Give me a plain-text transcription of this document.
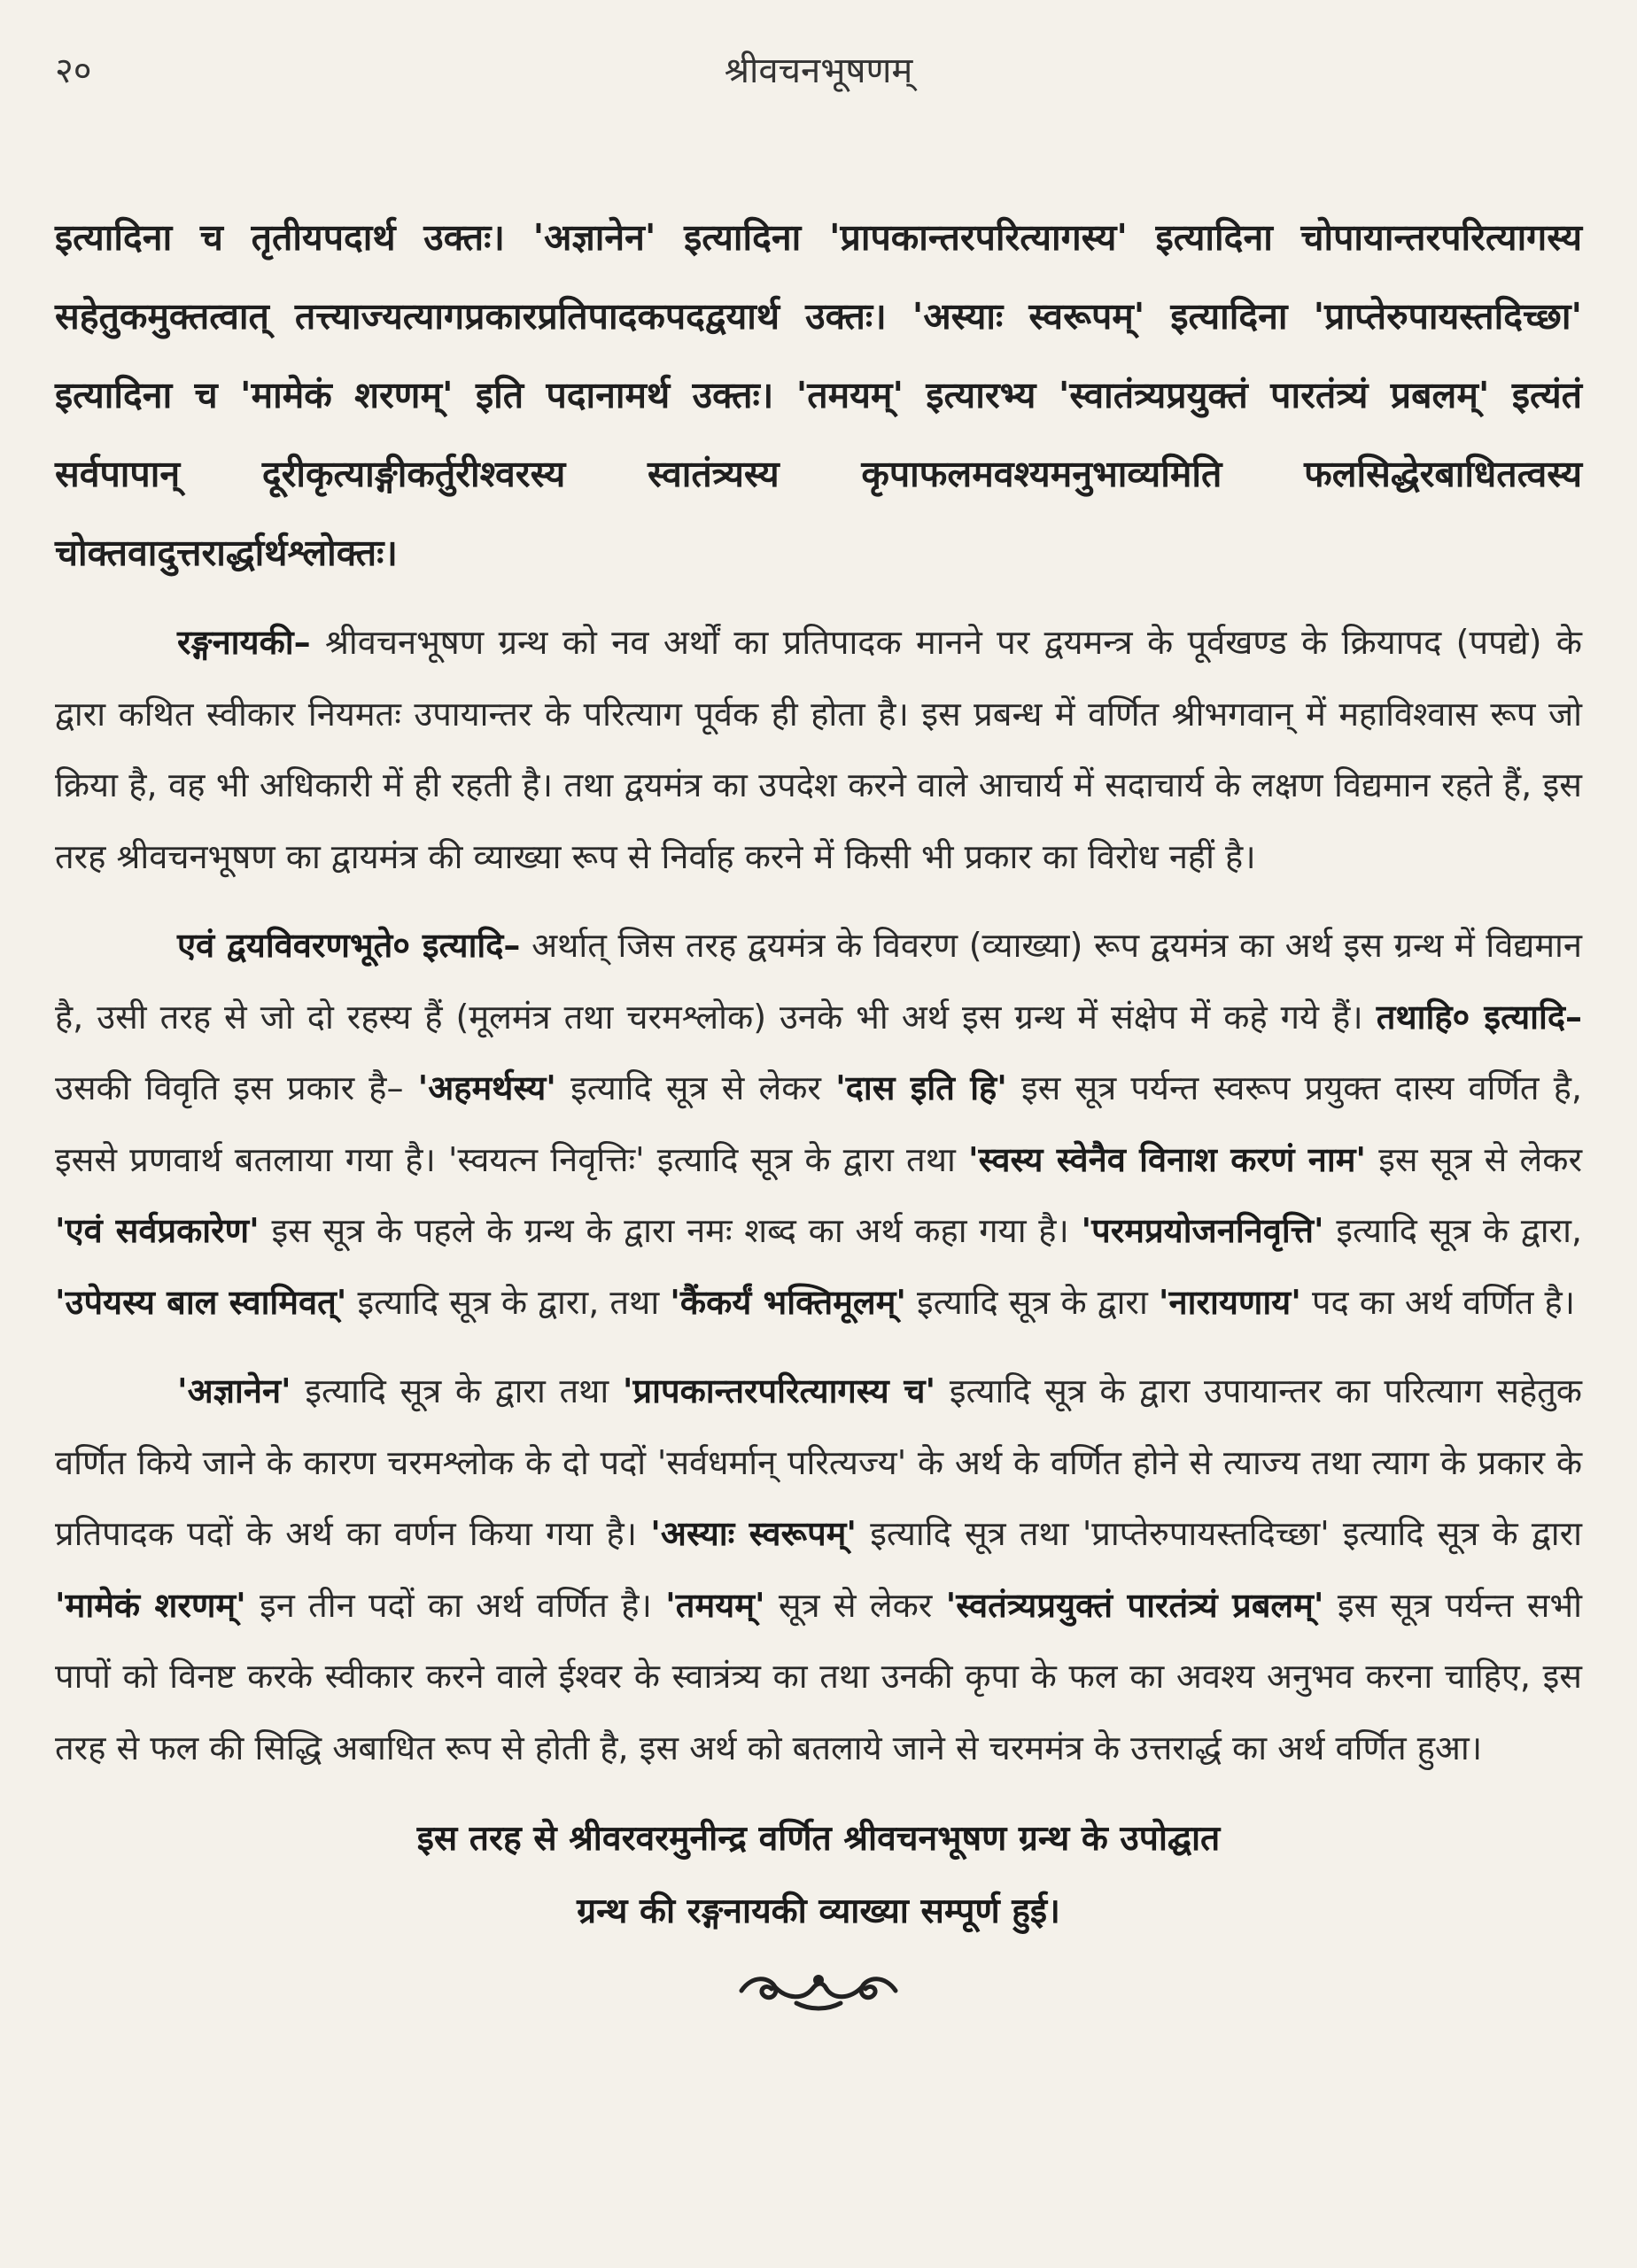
२०	श्रीवचनभूषणम्
इत्यादिना च तृतीयपदार्थ उक्तः। 'अज्ञानेन' इत्यादिना 'प्रापकान्तरपरित्यागस्य' इत्यादिना चोपायान्तरपरित्यागस्य सहेतुकमुक्तत्वात् तत्त्याज्यत्यागप्रकारप्रतिपादकपदद्वयार्थ उक्तः। 'अस्याः स्वरूपम्' इत्यादिना 'प्राप्तेरुपायस्तदिच्छा' इत्यादिना च 'मामेकं शरणम्' इति पदानामर्थ उक्तः। 'तमयम्' इत्यारभ्य 'स्वातंत्र्यप्रयुक्तं पारतंत्र्यं प्रबलम्' इत्यंतं सर्वपापान् दूरीकृत्याङ्गीकर्तुरीश्वरस्य स्वातंत्र्यस्य कृपाफलमवश्यमनुभाव्यमिति फलसिद्धेरबाधितत्वस्य चोक्तवादुत्तरार्द्धार्थश्लोक्तः।

रङ्गनायकी– श्रीवचनभूषण ग्रन्थ को नव अर्थों का प्रतिपादक मानने पर द्वयमन्त्र के पूर्वखण्ड के क्रियापद (पपद्ये) के द्वारा कथित स्वीकार नियमतः उपायान्तर के परित्याग पूर्वक ही होता है। इस प्रबन्ध में वर्णित श्रीभगवान् में महाविश्वास रूप जो क्रिया है, वह भी अधिकारी में ही रहती है। तथा द्वयमंत्र का उपदेश करने वाले आचार्य में सदाचार्य के लक्षण विद्यमान रहते हैं, इस तरह श्रीवचनभूषण का द्वायमंत्र की व्याख्या रूप से निर्वाह करने में किसी भी प्रकार का विरोध नहीं है।

एवं द्वयविवरणभूते० इत्यादि– अर्थात् जिस तरह द्वयमंत्र के विवरण (व्याख्या) रूप द्वयमंत्र का अर्थ इस ग्रन्थ में विद्यमान है, उसी तरह से जो दो रहस्य हैं (मूलमंत्र तथा चरमश्लोक) उनके भी अर्थ इस ग्रन्थ में संक्षेप में कहे गये हैं। तथाहि० इत्यादि– उसकी विवृति इस प्रकार है– 'अहमर्थस्य' इत्यादि सूत्र से लेकर 'दास इति हि' इस सूत्र पर्यन्त स्वरूप प्रयुक्त दास्य वर्णित है, इससे प्रणवार्थ बतलाया गया है। 'स्वयत्न निवृत्तिः' इत्यादि सूत्र के द्वारा तथा 'स्वस्य स्वेनैव विनाश करणं नाम' इस सूत्र से लेकर 'एवं सर्वप्रकारेण' इस सूत्र के पहले के ग्रन्थ के द्वारा नमः शब्द का अर्थ कहा गया है। 'परमप्रयोजननिवृत्ति' इत्यादि सूत्र के द्वारा, 'उपेयस्य बाल स्वामिवत्' इत्यादि सूत्र के द्वारा, तथा 'कैंकर्यं भक्तिमूलम्' इत्यादि सूत्र के द्वारा 'नारायणाय' पद का अर्थ वर्णित है।

'अज्ञानेन' इत्यादि सूत्र के द्वारा तथा 'प्रापकान्तरपरित्यागस्य च' इत्यादि सूत्र के द्वारा उपायान्तर का परित्याग सहेतुक वर्णित किये जाने के कारण चरमश्लोक के दो पदों 'सर्वधर्मान् परित्यज्य' के अर्थ के वर्णित होने से त्याज्य तथा त्याग के प्रकार के प्रतिपादक पदों के अर्थ का वर्णन किया गया है। 'अस्याः स्वरूपम्' इत्यादि सूत्र तथा 'प्राप्तेरुपायस्तदिच्छा' इत्यादि सूत्र के द्वारा 'मामेकं शरणम्' इन तीन पदों का अर्थ वर्णित है। 'तमयम्' सूत्र से लेकर 'स्वतंत्र्यप्रयुक्तं पारतंत्र्यं प्रबलम्' इस सूत्र पर्यन्त सभी पापों को विनष्ट करके स्वीकार करने वाले ईश्वर के स्वात्रंत्र्य का तथा उनकी कृपा के फल का अवश्य अनुभव करना चाहिए, इस तरह से फल की सिद्धि अबाधित रूप से होती है, इस अर्थ को बतलाये जाने से चरममंत्र के उत्तरार्द्ध का अर्थ वर्णित हुआ।

इस तरह से श्रीवरवरमुनीन्द्र वर्णित श्रीवचनभूषण ग्रन्थ के उपोद्घात
ग्रन्थ की रङ्गनायकी व्याख्या सम्पूर्ण हुई।
